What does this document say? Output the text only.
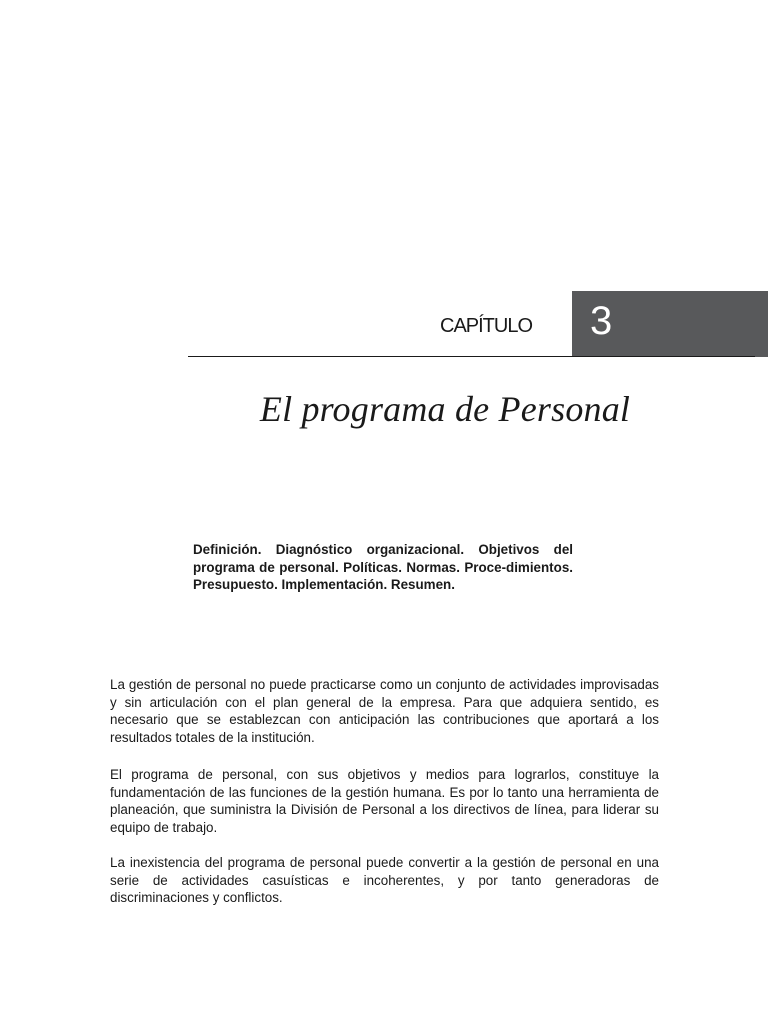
CAPÍTULO	3
El programa de Personal
Definición. Diagnóstico organizacional. Objetivos del programa de personal. Políticas. Normas. Proce-dimientos. Presupuesto. Implementación. Resumen.

La gestión de personal no puede practicarse como un conjunto de actividades improvisadas y sin articulación con el plan general de la empresa. Para que adquiera sentido, es necesario que se establezcan con anticipación las contribuciones que aportará a los resultados totales de la institución.

El programa de personal, con sus objetivos y medios para lograrlos, constituye la fundamentación de las funciones de la gestión humana. Es por lo tanto una herramienta de planeación, que suministra la División de Personal a los directivos de línea, para liderar su equipo de trabajo.

La inexistencia del programa de personal puede convertir a la gestión de personal en una serie de actividades casuísticas e incoherentes, y por tanto generadoras de discriminaciones y conflictos.
